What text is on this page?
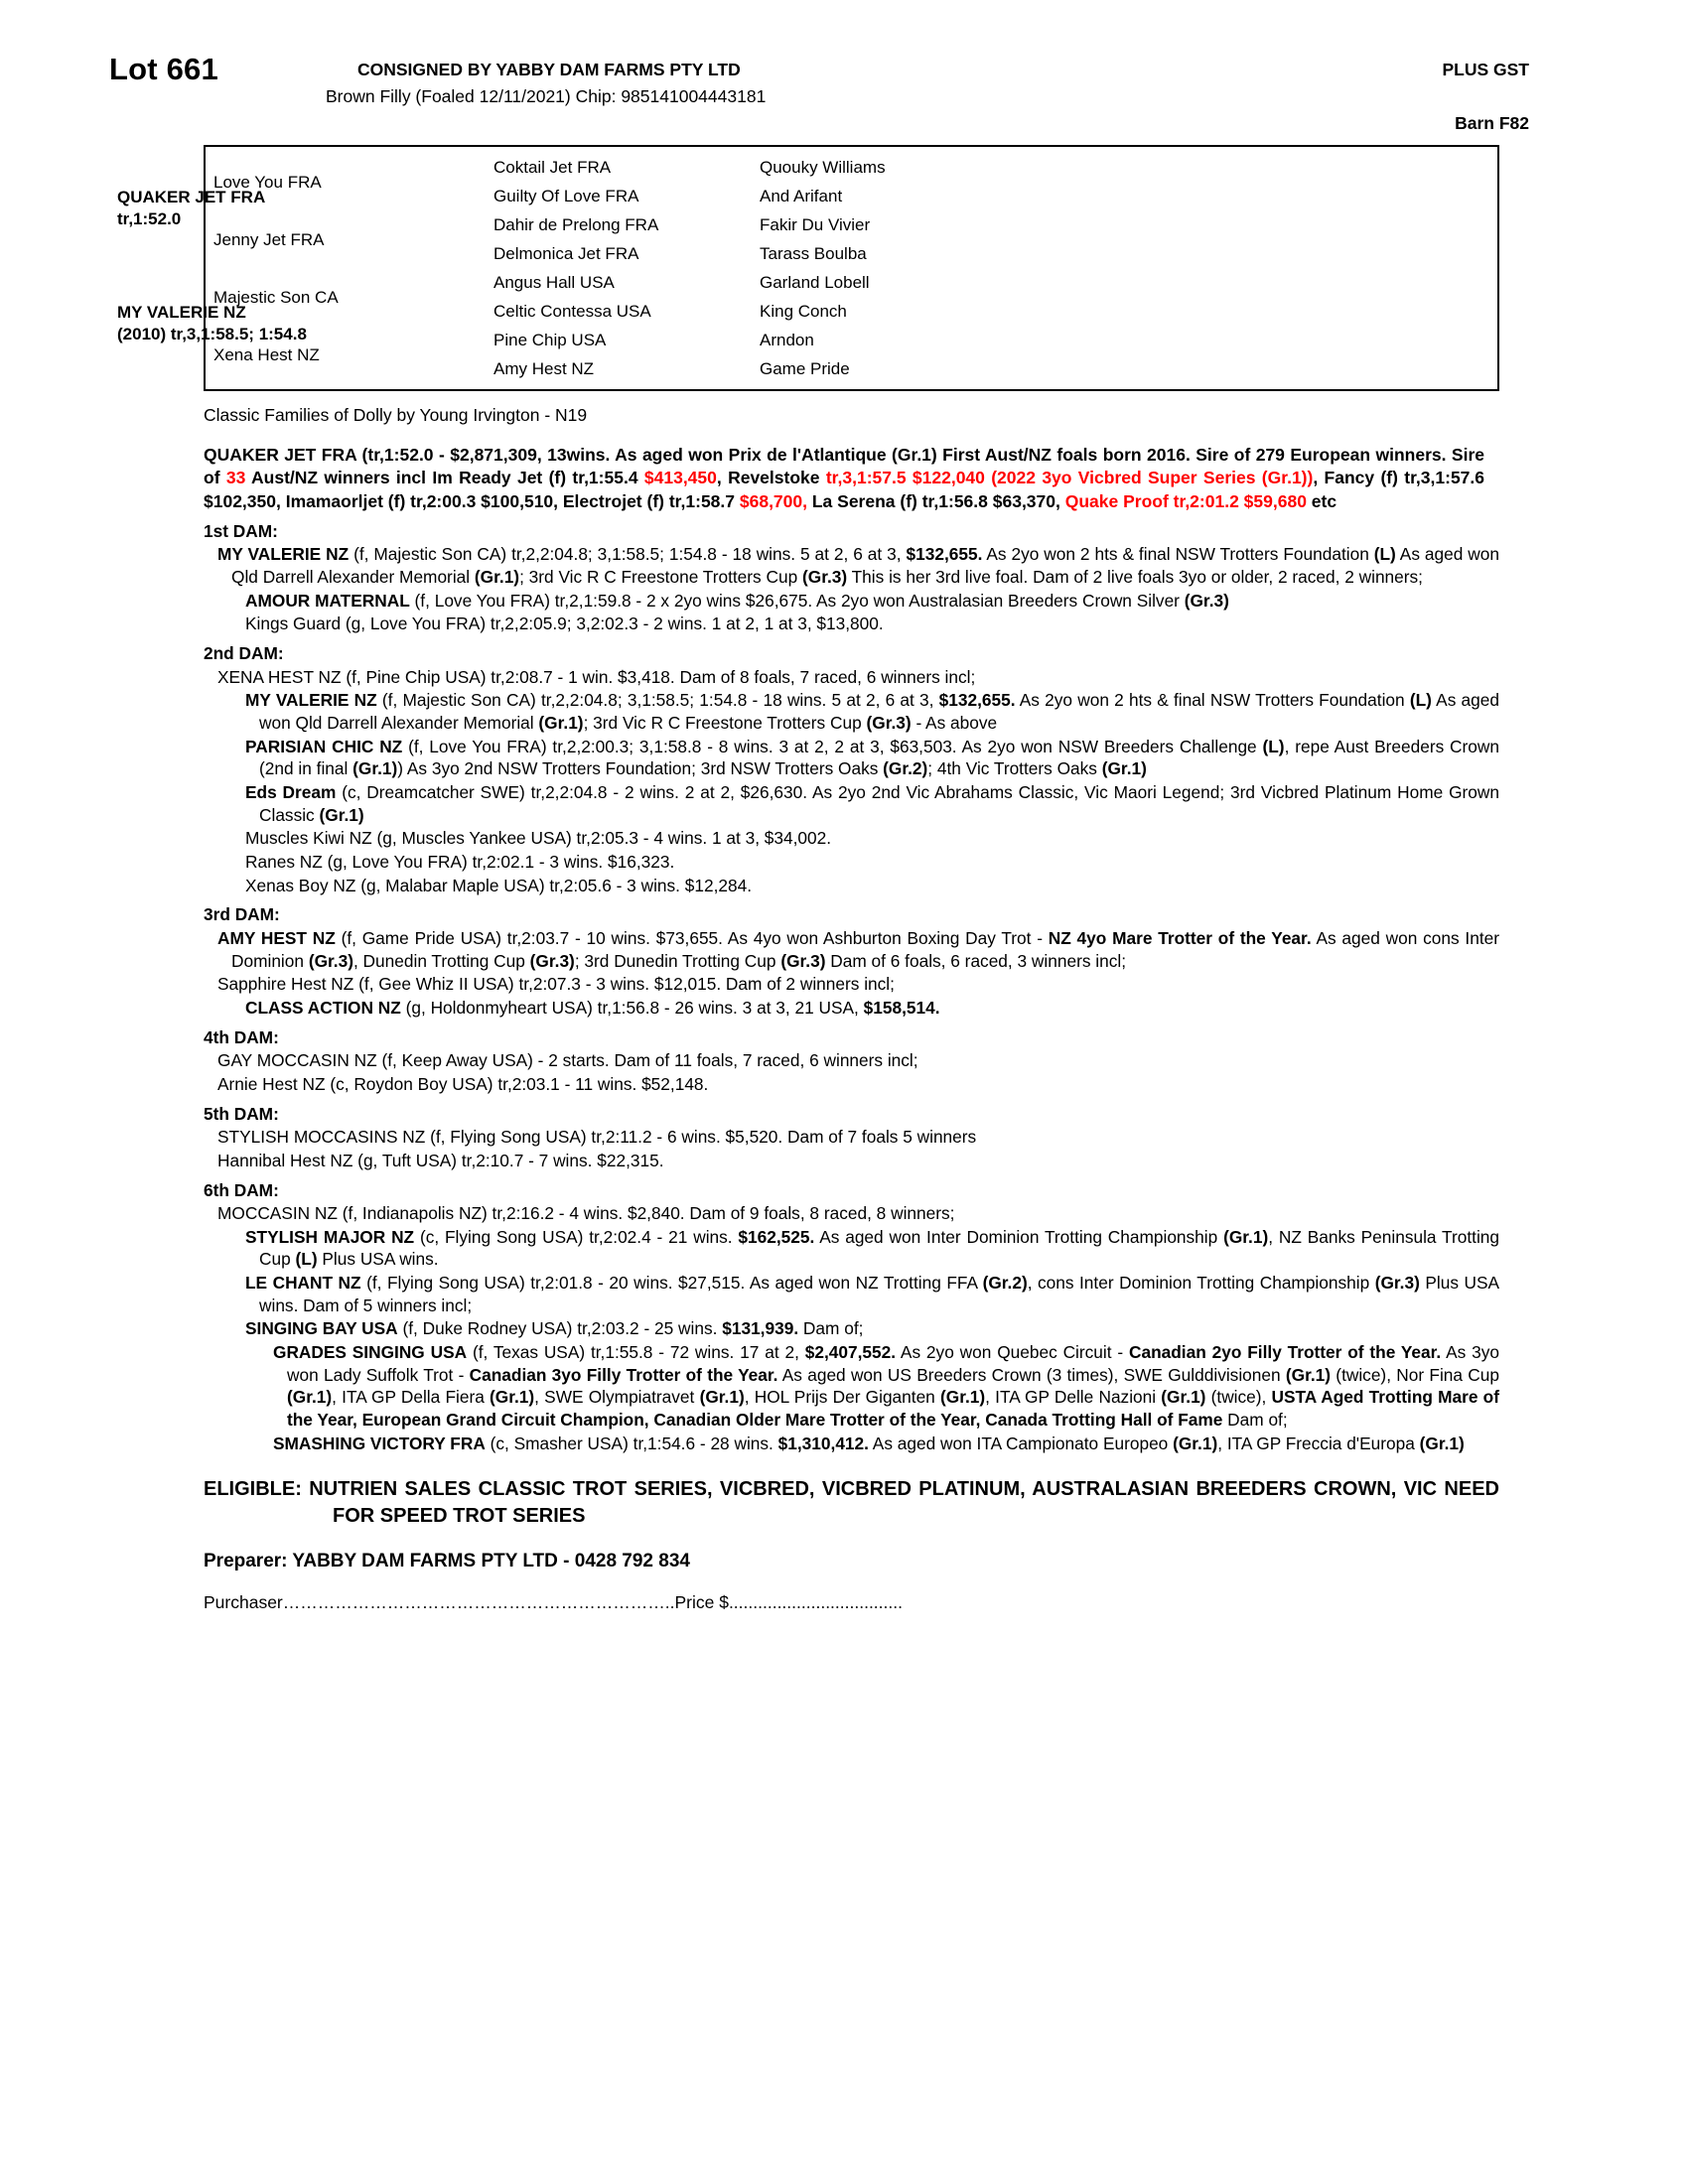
Lot 661	CONSIGNED BY YABBY DAM FARMS PTY LTD	PLUS GST
Brown Filly (Foaled 12/11/2021) Chip: 985141004443181
Barn F82
Love You FRA
Jenny Jet FRA
Majestic Son CA
Xena Hest NZ
Coktail Jet FRA
Guilty Of Love FRA
Dahir de Prelong FRA
Delmonica Jet FRA
Angus Hall USA
Celtic Contessa USA
Pine Chip USA
Amy Hest NZ
Quouky Williams
And Arifant
Fakir Du Vivier
Tarass Boulba
Garland Lobell
King Conch
Arndon
Game Pride
QUAKER JET FRA
tr,1:52.0
MY VALERIE NZ
(2010) tr,3,1:58.5; 1:54.8
Classic Families of Dolly by Young Irvington - N19
QUAKER JET FRA (tr,1:52.0 - $2,871,309, 13wins. As aged won Prix de l'Atlantique (Gr.1) First Aust/NZ foals born 2016. Sire of 279 European winners. Sire of 33 Aust/NZ winners incl Im Ready Jet (f) tr,1:55.4 $413,450, Revelstoke tr,3,1:57.5 $122,040 (2022 3yo Vicbred Super Series (Gr.1)), Fancy (f) tr,3,1:57.6 $102,350, Imamaorljet (f) tr,2:00.3 $100,510, Electrojet (f) tr,1:58.7 $68,700, La Serena (f) tr,1:56.8 $63,370, Quake Proof tr,2:01.2 $59,680 etc
1st DAM:
MY VALERIE NZ (f, Majestic Son CA) tr,2,2:04.8; 3,1:58.5; 1:54.8 - 18 wins. 5 at 2, 6 at 3, $132,655. As 2yo won 2 hts & final NSW Trotters Foundation (L) As aged won Qld Darrell Alexander Memorial (Gr.1); 3rd Vic R C Freestone Trotters Cup (Gr.3) This is her 3rd live foal. Dam of 2 live foals 3yo or older, 2 raced, 2 winners;
AMOUR MATERNAL (f, Love You FRA) tr,2,1:59.8 - 2 x 2yo wins $26,675. As 2yo won Australasian Breeders Crown Silver (Gr.3)
Kings Guard (g, Love You FRA) tr,2,2:05.9; 3,2:02.3 - 2 wins. 1 at 2, 1 at 3, $13,800.
2nd DAM:
XENA HEST NZ (f, Pine Chip USA) tr,2:08.7 - 1 win. $3,418. Dam of 8 foals, 7 raced, 6 winners incl;
MY VALERIE NZ (f, Majestic Son CA) tr,2,2:04.8; 3,1:58.5; 1:54.8 - 18 wins. 5 at 2, 6 at 3, $132,655. As 2yo won 2 hts & final NSW Trotters Foundation (L) As aged won Qld Darrell Alexander Memorial (Gr.1); 3rd Vic R C Freestone Trotters Cup (Gr.3) - As above
PARISIAN CHIC NZ (f, Love You FRA) tr,2,2:00.3; 3,1:58.8 - 8 wins. 3 at 2, 2 at 3, $63,503. As 2yo won NSW Breeders Challenge (L), repe Aust Breeders Crown (2nd in final (Gr.1)) As 3yo 2nd NSW Trotters Foundation; 3rd NSW Trotters Oaks (Gr.2); 4th Vic Trotters Oaks (Gr.1)
Eds Dream (c, Dreamcatcher SWE) tr,2,2:04.8 - 2 wins. 2 at 2, $26,630. As 2yo 2nd Vic Abrahams Classic, Vic Maori Legend; 3rd Vicbred Platinum Home Grown Classic (Gr.1)
Muscles Kiwi NZ (g, Muscles Yankee USA) tr,2:05.3 - 4 wins. 1 at 3, $34,002.
Ranes NZ (g, Love You FRA) tr,2:02.1 - 3 wins. $16,323.
Xenas Boy NZ (g, Malabar Maple USA) tr,2:05.6 - 3 wins. $12,284.
3rd DAM:
AMY HEST NZ (f, Game Pride USA) tr,2:03.7 - 10 wins. $73,655. As 4yo won Ashburton Boxing Day Trot - NZ 4yo Mare Trotter of the Year. As aged won cons Inter Dominion (Gr.3), Dunedin Trotting Cup (Gr.3); 3rd Dunedin Trotting Cup (Gr.3) Dam of 6 foals, 6 raced, 3 winners incl;
Sapphire Hest NZ (f, Gee Whiz II USA) tr,2:07.3 - 3 wins. $12,015. Dam of 2 winners incl;
CLASS ACTION NZ (g, Holdonmyheart USA) tr,1:56.8 - 26 wins. 3 at 3, 21 USA, $158,514.
4th DAM:
GAY MOCCASIN NZ (f, Keep Away USA) - 2 starts. Dam of 11 foals, 7 raced, 6 winners incl;
Arnie Hest NZ (c, Roydon Boy USA) tr,2:03.1 - 11 wins. $52,148.
5th DAM:
STYLISH MOCCASINS NZ (f, Flying Song USA) tr,2:11.2 - 6 wins. $5,520. Dam of 7 foals 5 winners
Hannibal Hest NZ (g, Tuft USA) tr,2:10.7 - 7 wins. $22,315.
6th DAM:
MOCCASIN NZ (f, Indianapolis NZ) tr,2:16.2 - 4 wins. $2,840. Dam of 9 foals, 8 raced, 8 winners;
STYLISH MAJOR NZ (c, Flying Song USA) tr,2:02.4 - 21 wins. $162,525. As aged won Inter Dominion Trotting Championship (Gr.1), NZ Banks Peninsula Trotting Cup (L) Plus USA wins.
LE CHANT NZ (f, Flying Song USA) tr,2:01.8 - 20 wins. $27,515. As aged won NZ Trotting FFA (Gr.2), cons Inter Dominion Trotting Championship (Gr.3) Plus USA wins. Dam of 5 winners incl;
SINGING BAY USA (f, Duke Rodney USA) tr,2:03.2 - 25 wins. $131,939. Dam of;
GRADES SINGING USA (f, Texas USA) tr,1:55.8 - 72 wins. 17 at 2, $2,407,552. As 2yo won Quebec Circuit - Canadian 2yo Filly Trotter of the Year. As 3yo won Lady Suffolk Trot - Canadian 3yo Filly Trotter of the Year. As aged won US Breeders Crown (3 times), SWE Gulddivisionen (Gr.1) (twice), Nor Fina Cup (Gr.1), ITA GP Della Fiera (Gr.1), SWE Olympiatravet (Gr.1), HOL Prijs Der Giganten (Gr.1), ITA GP Delle Nazioni (Gr.1) (twice), USTA Aged Trotting Mare of the Year, European Grand Circuit Champion, Canadian Older Mare Trotter of the Year, Canada Trotting Hall of Fame Dam of;
SMASHING VICTORY FRA (c, Smasher USA) tr,1:54.6 - 28 wins. $1,310,412. As aged won ITA Campionato Europeo (Gr.1), ITA GP Freccia d'Europa (Gr.1)
ELIGIBLE: NUTRIEN SALES CLASSIC TROT SERIES, VICBRED, VICBRED PLATINUM, AUSTRALASIAN BREEDERS CROWN, VIC NEED FOR SPEED TROT SERIES
Preparer: YABBY DAM FARMS PTY LTD - 0428 792 834
Purchaser…………………………………………………………..Price $....................................
